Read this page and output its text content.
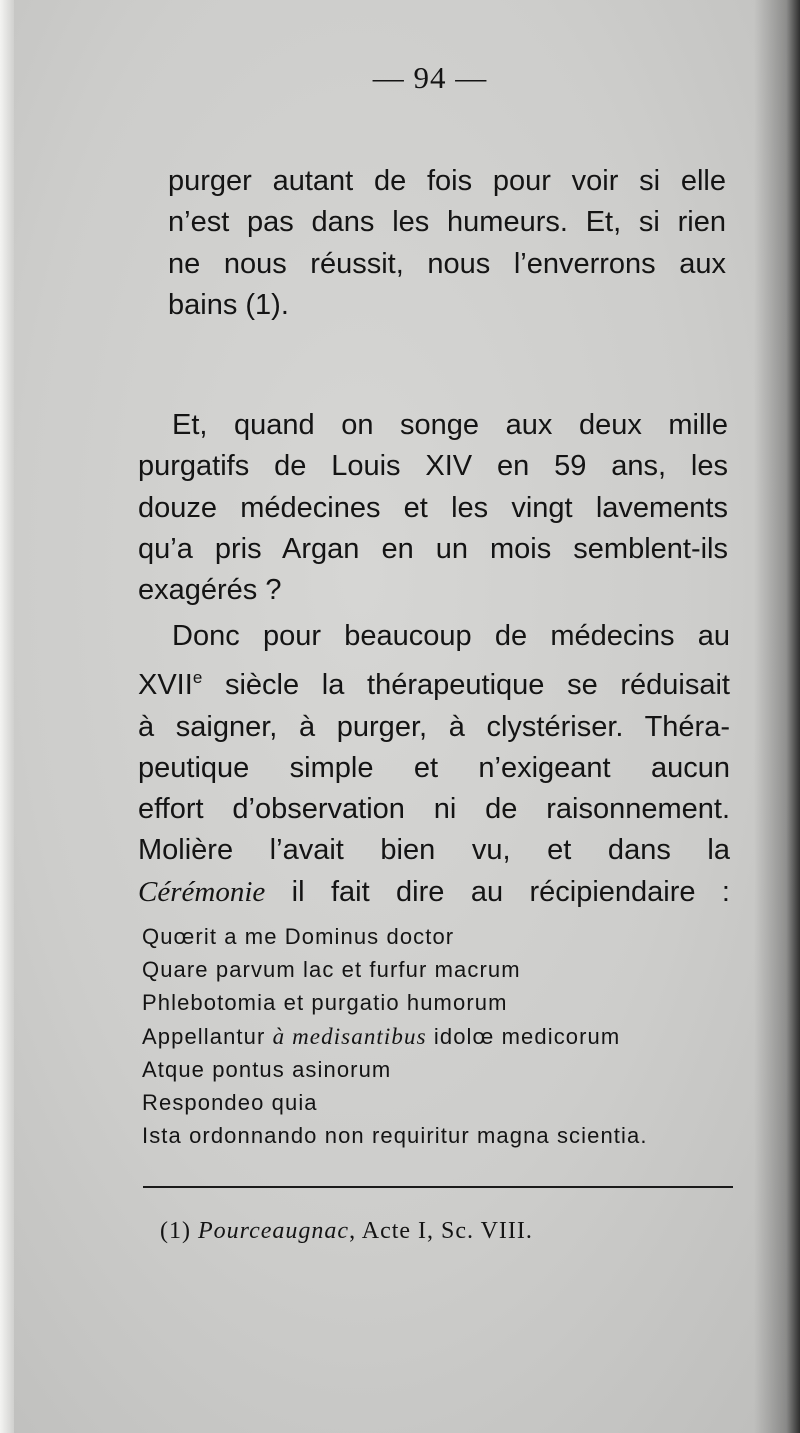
— 94 —
purger autant de fois pour voir si elle
n’est pas dans les humeurs. Et, si rien
ne nous réussit, nous l’enverrons aux
bains (1).
Et, quand on songe aux deux mille
purgatifs de Louis XIV en 59 ans, les
douze médecines et les vingt lavements
qu’a pris Argan en un mois semblent-ils
exagérés ?
Donc pour beaucoup de médecins au
XVIIe siècle la thérapeutique se réduisait
à saigner, à purger, à clystériser. Théra-
peutique simple et n’exigeant aucun
effort d’observation ni de raisonnement.
Molière l’avait bien vu, et dans la
Cérémonie il fait dire au récipiendaire :
Quœrit a me Dominus doctor
Quare parvum lac et furfur macrum
Phlebotomia et purgatio humorum
Appellantur à medisantibus idolœ medicorum
Atque pontus asinorum
Respondeo quia
Ista ordonnando non requiritur magna scientia.
(1) Pourceaugnac, Acte I, Sc. VIII.
